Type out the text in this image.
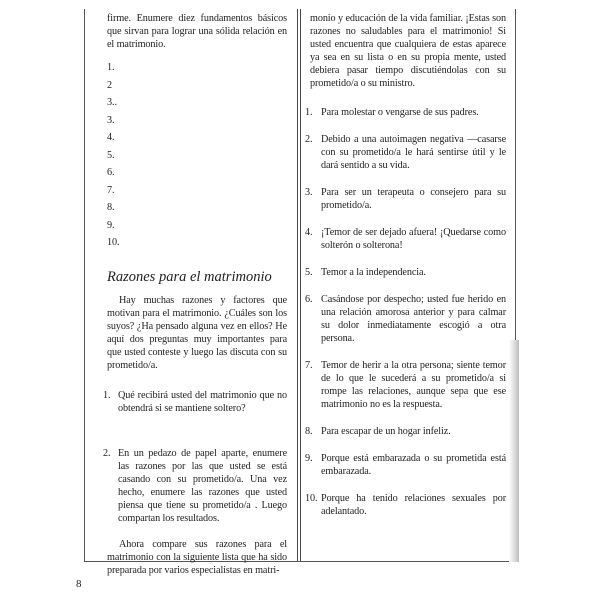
firme. Enumere diez fundamentos básicos que sirvan para lograr una sólida relación en el matrimonio.

1.
2
3..
3.
4.
5.
6.
7.
8.
9.
10.
Razones para el matrimonio

Hay muchas razones y factores que motivan para el matrimonio. ¿Cuáles son los suyos? ¿Ha pensado alguna vez en ellos? He aquí dos preguntas muy importantes para que usted conteste y luego las discuta con su prometido/a.

1. Qué recibirá usted del matrimonio que no obtendrá si se mantiene soltero?
2. En un pedazo de papel aparte, enumere las razones por las que usted se está casando con su prometido/a. Una vez hecho, enumere las razones que usted piensa que tiene su prometido/a . Luego compartan los resultados.

Ahora compare sus razones para el matrimonio con la siguiente lista que ha sido preparada por varios especialistas en matri-

monio y educación de la vida familiar. ¡Estas son razones no saludables para el matrimonio! Si usted encuentra que cualquiera de estas aparece ya sea en su lista o en su propia mente, usted debiera pasar tiempo discutiéndolas con su prometido/a o su ministro.

1. Para molestar o vengarse de sus padres.
2. Debido a una autoimagen negativa —casarse con su prometido/a le hará sentirse útil y le dará sentido a su vida.
3. Para ser un terapeuta o consejero para su prometido/a.
4. ¡Temor de ser dejado afuera! ¡Quedarse como solterón o solterona!
5. Temor a la independencia.
6. Casándose por despecho; usted fue herido en una relación amorosa anterior y para calmar su dolor inmediatamente escogió a otra persona.
7. Temor de herir a la otra persona; siente temor de lo que le sucederá a su prometido/a si rompe las relaciones, aunque sepa que ese matrimonio no es la respuesta.
8. Para escapar de un hogar infeliz.
9. Porque está embarazada o su prometida está embarazada.
10. Porque ha tenido relaciones sexuales por adelantado.
8
